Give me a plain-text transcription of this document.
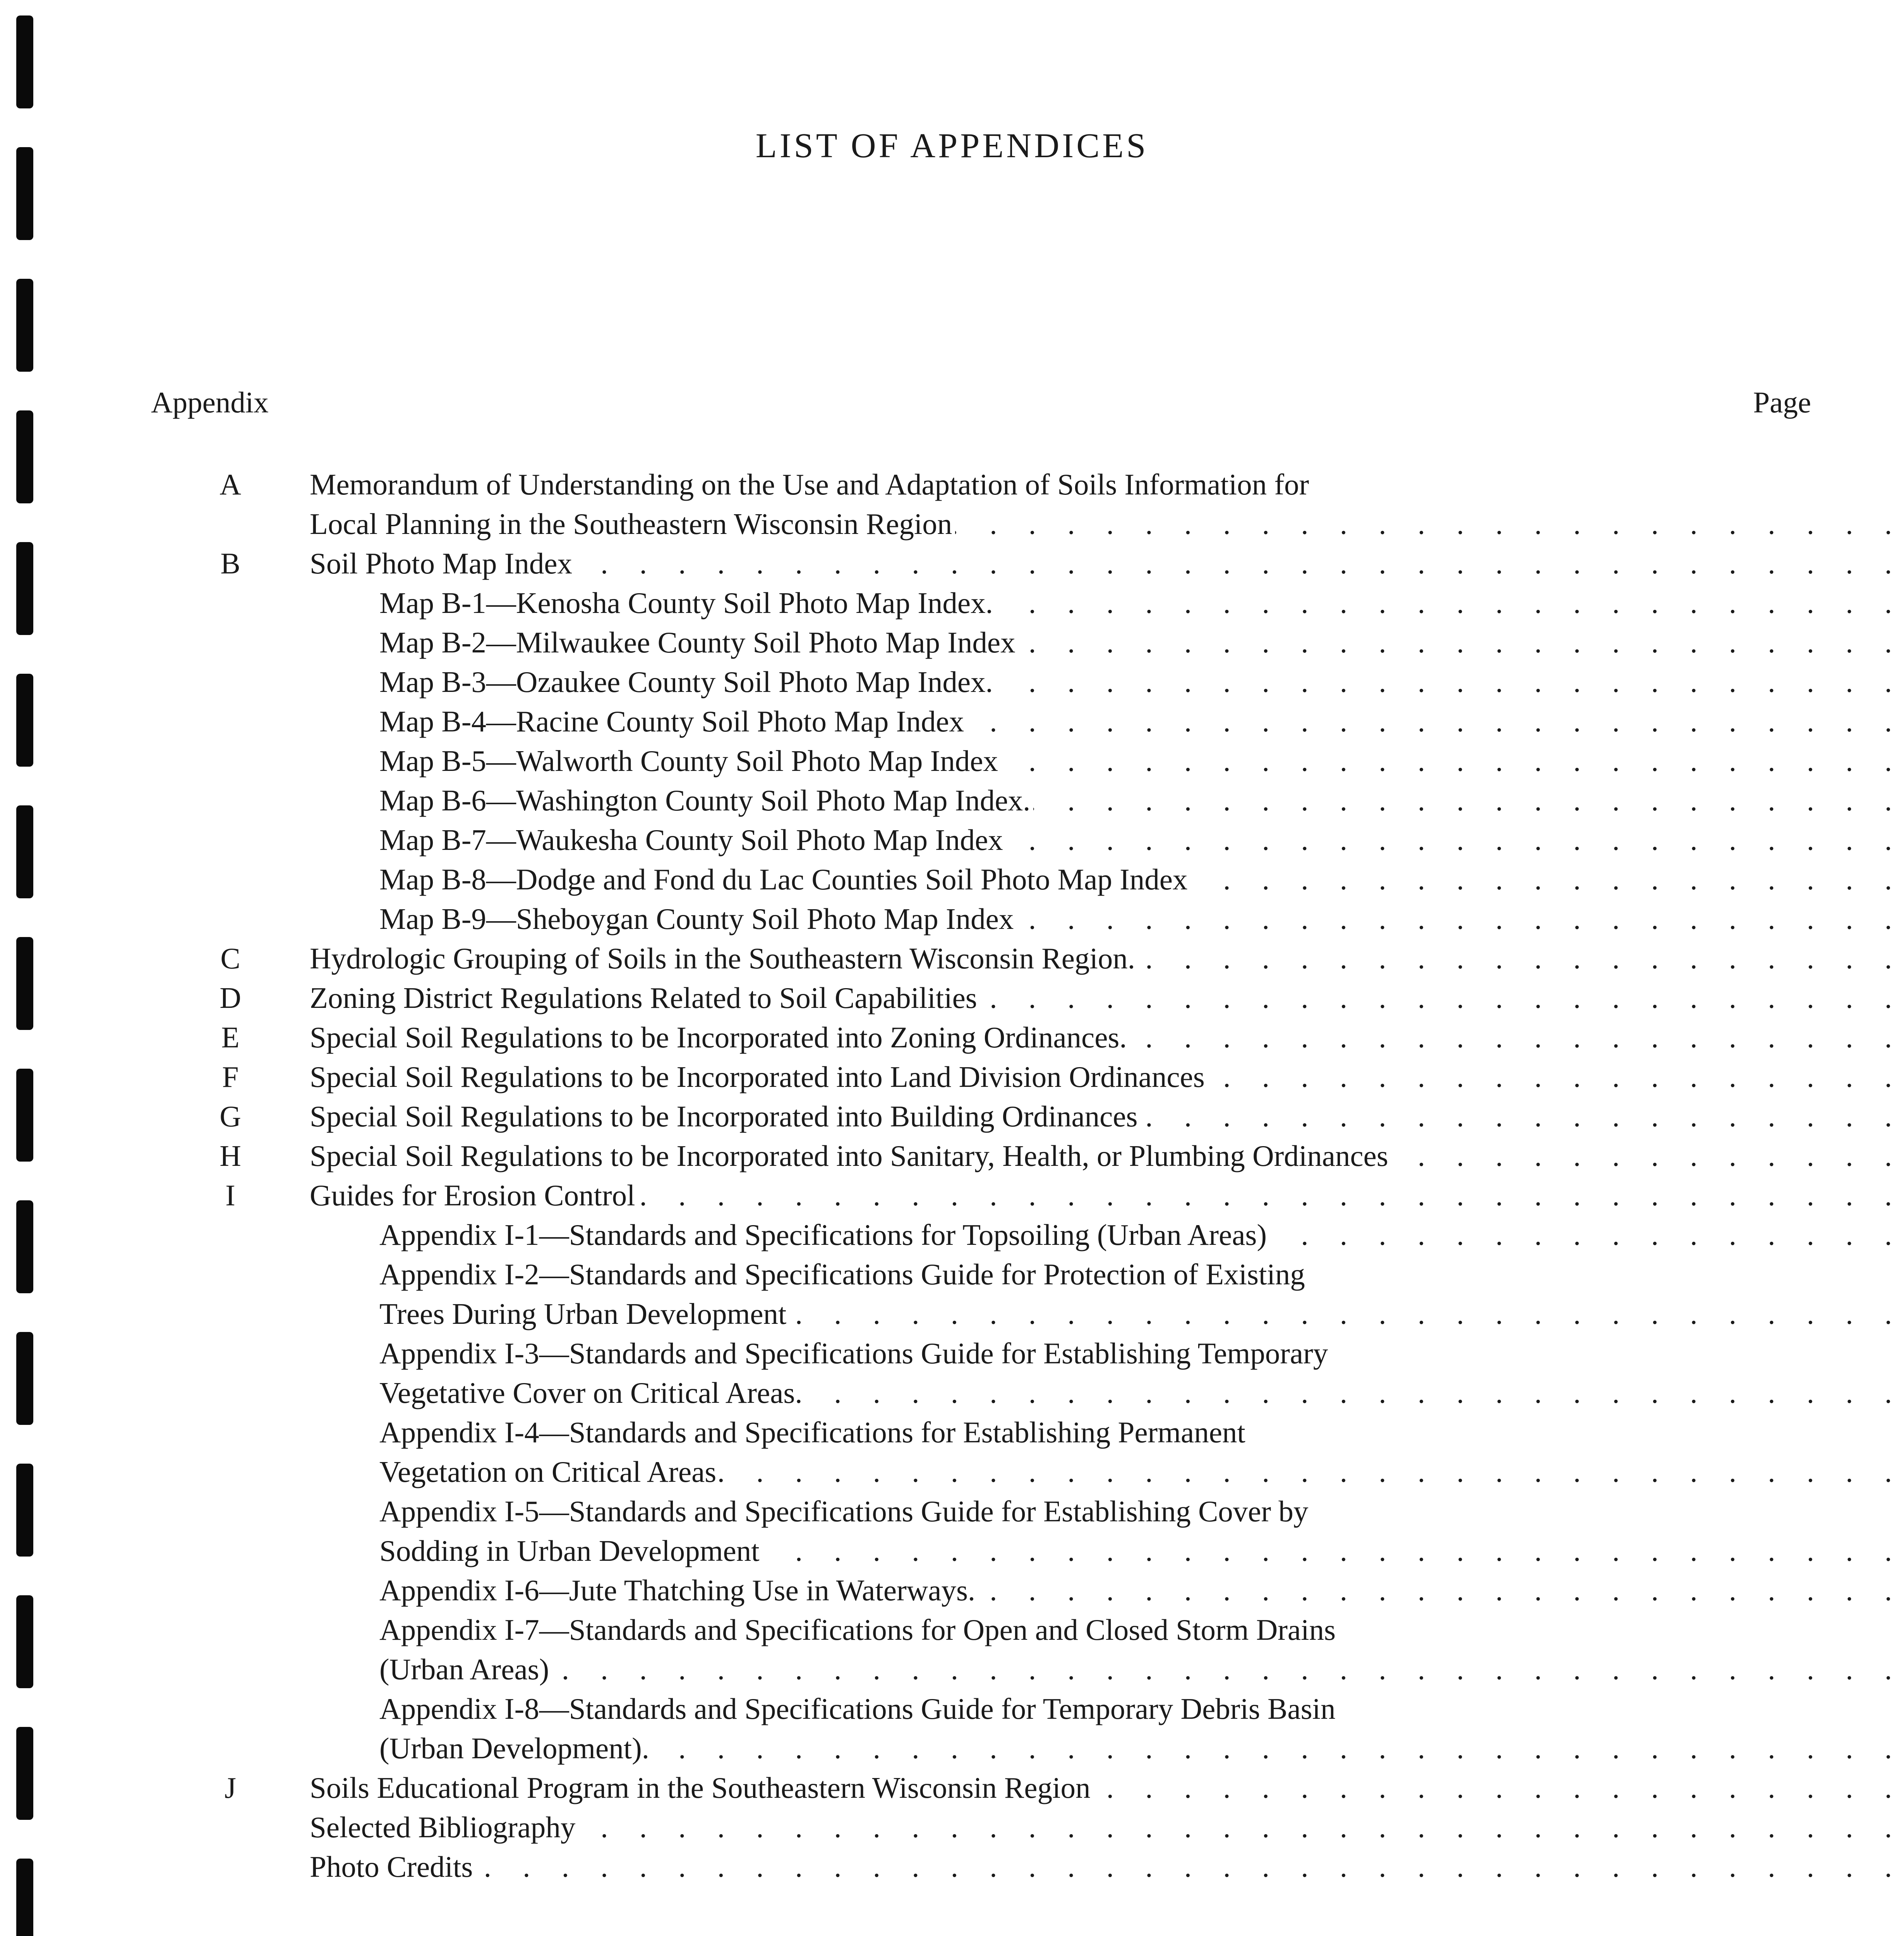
LIST OF APPENDICES
Appendix	Page
A Memorandum of Understanding on the Use and Adaptation of Soils Information for
Local Planning in the Southeastern Wisconsin Region
. . .
B Soil Photo Map Index
. . .
Map B-1—Kenosha County Soil Photo Map Index.
. . .
Map B-2—Milwaukee County Soil Photo Map Index
. . .
Map B-3—Ozaukee County Soil Photo Map Index.
. . .
Map B-4—Racine County Soil Photo Map Index
. . .
Map B-5—Walworth County Soil Photo Map Index
. . .
Map B-6—Washington County Soil Photo Map Index.
. . .
Map B-7—Waukesha County Soil Photo Map Index
. . .
Map B-8—Dodge and Fond du Lac Counties Soil Photo Map Index
. . .
Map B-9—Sheboygan County Soil Photo Map Index
. . .
C Hydrologic Grouping of Soils in the Southeastern Wisconsin Region.
. . .
D Zoning District Regulations Related to Soil Capabilities
. . .
E Special Soil Regulations to be Incorporated into Zoning Ordinances.
. . .
F Special Soil Regulations to be Incorporated into Land Division Ordinances
. . .
G Special Soil Regulations to be Incorporated into Building Ordinances
. . .
H Special Soil Regulations to be Incorporated into Sanitary, Health, or Plumbing Ordinances
. . .
I Guides for Erosion Control
. . .
Appendix I-1—Standards and Specifications for Topsoiling (Urban Areas)
. . .
Appendix I-2—Standards and Specifications Guide for Protection of Existing
Trees During Urban Development
. . .
Appendix I-3—Standards and Specifications Guide for Establishing Temporary
Vegetative Cover on Critical Areas.
. . .
Appendix I-4—Standards and Specifications for Establishing Permanent
Vegetation on Critical Areas
. . .
Appendix I-5—Standards and Specifications Guide for Establishing Cover by
Sodding in Urban Development
. . .
Appendix I-6—Jute Thatching Use in Waterways.
. . .
Appendix I-7—Standards and Specifications for Open and Closed Storm Drains
(Urban Areas)
. . .
Appendix I-8—Standards and Specifications Guide for Temporary Debris Basin
(Urban Development).
. . .
J Soils Educational Program in the Southeastern Wisconsin Region
. . .
Selected Bibliography
. . .
Photo Credits
. . .
